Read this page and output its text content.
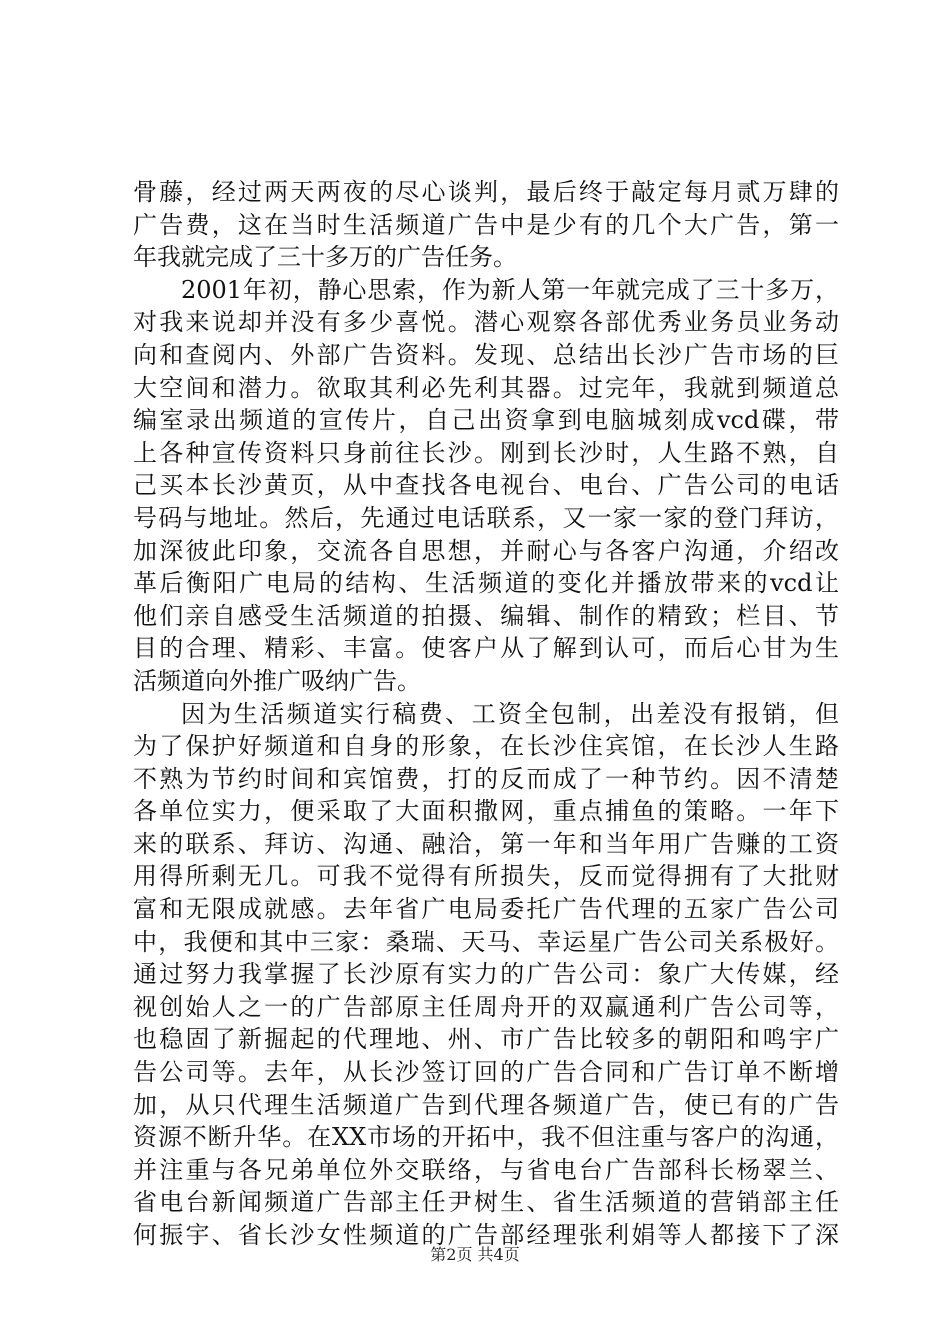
骨藤，经过两天两夜的尽心谈判，最后终于敲定每月贰万肆的
广告费，这在当时生活频道广告中是少有的几个大广告，第一
年我就完成了三十多万的广告任务。
2001年初，静心思索，作为新人第一年就完成了三十多万，
对我来说却并没有多少喜悦。潜心观察各部优秀业务员业务动
向和查阅内、外部广告资料。发现、总结出长沙广告市场的巨
大空间和潜力。欲取其利必先利其器。过完年，我就到频道总
编室录出频道的宣传片，自己出资拿到电脑城刻成vcd碟，带
上各种宣传资料只身前往长沙。刚到长沙时，人生路不熟，自
己买本长沙黄页，从中查找各电视台、电台、广告公司的电话
号码与地址。然后，先通过电话联系，又一家一家的登门拜访，
加深彼此印象，交流各自思想，并耐心与各客户沟通，介绍改
革后衡阳广电局的结构、生活频道的变化并播放带来的vcd让
他们亲自感受生活频道的拍摄、编辑、制作的精致；栏目、节
目的合理、精彩、丰富。使客户从了解到认可，而后心甘为生
活频道向外推广吸纳广告。
因为生活频道实行稿费、工资全包制，出差没有报销，但
为了保护好频道和自身的形象，在长沙住宾馆，在长沙人生路
不熟为节约时间和宾馆费，打的反而成了一种节约。因不清楚
各单位实力，便采取了大面积撒网，重点捕鱼的策略。一年下
来的联系、拜访、沟通、融洽，第一年和当年用广告赚的工资
用得所剩无几。可我不觉得有所损失，反而觉得拥有了大批财
富和无限成就感。去年省广电局委托广告代理的五家广告公司
中，我便和其中三家：桑瑞、天马、幸运星广告公司关系极好。
通过努力我掌握了长沙原有实力的广告公司：象广大传媒，经
视创始人之一的广告部原主任周舟开的双赢通利广告公司等，
也稳固了新掘起的代理地、州、市广告比较多的朝阳和鸣宇广
告公司等。去年，从长沙签订回的广告合同和广告订单不断增
加，从只代理生活频道广告到代理各频道广告，使已有的广告
资源不断升华。在XX市场的开拓中，我不但注重与客户的沟通，
并注重与各兄弟单位外交联络，与省电台广告部科长杨翠兰、
省电台新闻频道广告部主任尹树生、省生活频道的营销部主任
何振宇、省长沙女性频道的广告部经理张利娟等人都接下了深
第2页 共4页
